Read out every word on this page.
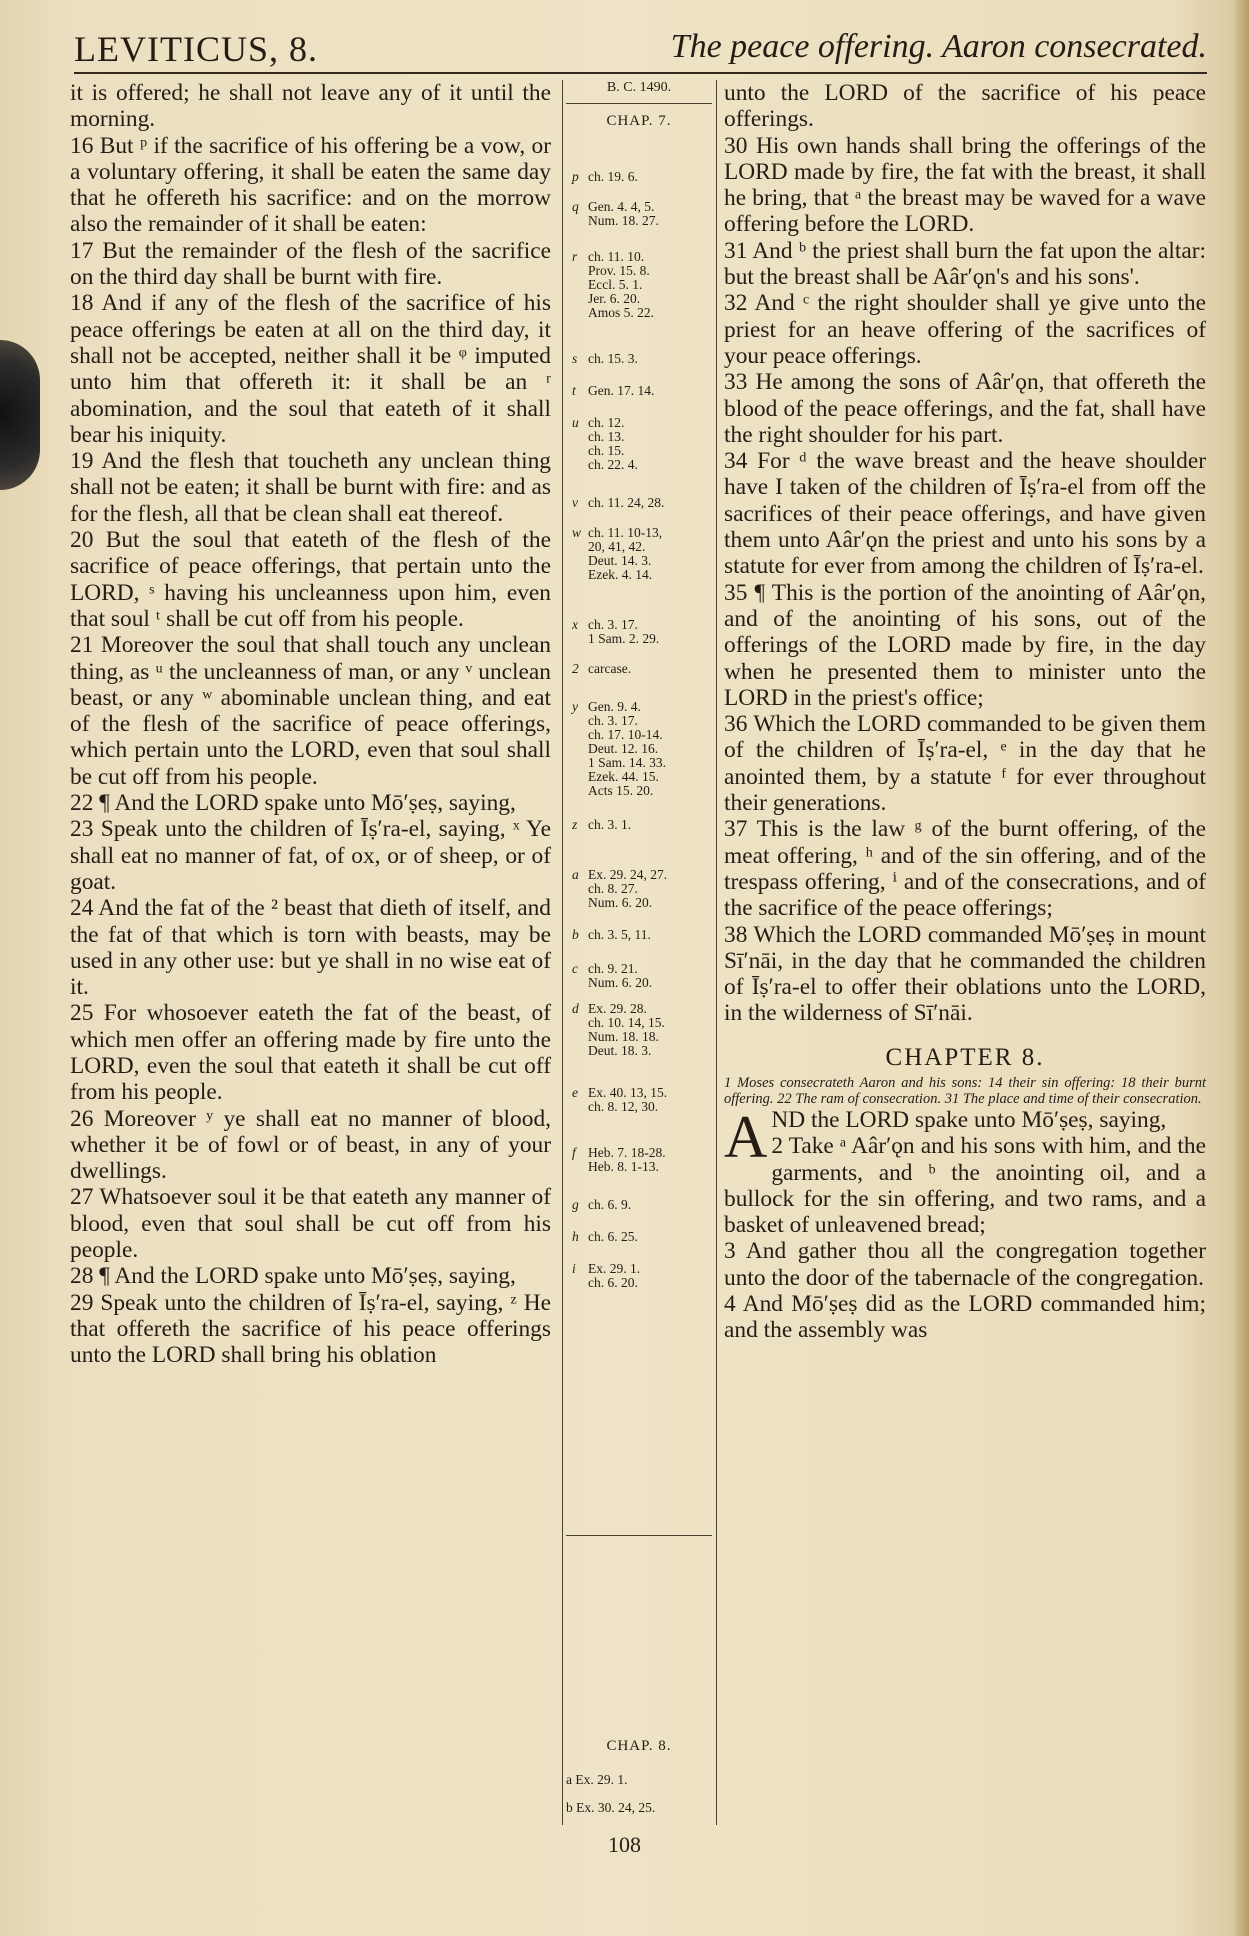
LEVITICUS, 8.	The peace offering. Aaron consecrated.

it is offered; he shall not leave any of it until the morning.

16 But ᵖ if the sacrifice of his offering be a vow, or a voluntary offering, it shall be eaten the same day that he offereth his sacrifice: and on the morrow also the remainder of it shall be eaten:

17 But the remainder of the flesh of the sacrifice on the third day shall be burnt with fire.

18 And if any of the flesh of the sacrifice of his peace offerings be eaten at all on the third day, it shall not be accepted, neither shall it be ᵠ imputed unto him that offereth it: it shall be an ʳ abomination, and the soul that eateth of it shall bear his iniquity.

19 And the flesh that toucheth any unclean thing shall not be eaten; it shall be burnt with fire: and as for the flesh, all that be clean shall eat thereof.

20 But the soul that eateth of the flesh of the sacrifice of peace offerings, that pertain unto the LORD, ˢ having his uncleanness upon him, even that soul ᵗ shall be cut off from his people.

21 Moreover the soul that shall touch any unclean thing, as ᵘ the uncleanness of man, or any ᵛ unclean beast, or any ʷ abominable unclean thing, and eat of the flesh of the sacrifice of peace offerings, which pertain unto the LORD, even that soul shall be cut off from his people.

22 ¶ And the LORD spake unto Mō′ṣeṣ, saying,

23 Speak unto the children of Īṣ′ra-el, saying, ˣ Ye shall eat no manner of fat, of ox, or of sheep, or of goat.

24 And the fat of the ² beast that dieth of itself, and the fat of that which is torn with beasts, may be used in any other use: but ye shall in no wise eat of it.

25 For whosoever eateth the fat of the beast, of which men offer an offering made by fire unto the LORD, even the soul that eateth it shall be cut off from his people.

26 Moreover ʸ ye shall eat no manner of blood, whether it be of fowl or of beast, in any of your dwellings.

27 Whatsoever soul it be that eateth any manner of blood, even that soul shall be cut off from his people.

28 ¶ And the LORD spake unto Mō′ṣeṣ, saying,

29 Speak unto the children of Īṣ′ra-el, saying, ᶻ He that offereth the sacrifice of his peace offerings unto the LORD shall bring his oblation

B. C. 1490.
CHAP. 7.
p ch. 19. 6.
q Gen. 4. 4, 5.
Num. 18. 27.
r ch. 11. 10.
Prov. 15. 8.
Eccl. 5. 1.
Jer. 6. 20.
Amos 5. 22.
s ch. 15. 3.
t Gen. 17. 14.
u ch. 12.
ch. 13.
ch. 15.
ch. 22. 4.
v ch. 11. 24, 28.
w ch. 11. 10-13,
20, 41, 42.
Deut. 14. 3.
Ezek. 4. 14.
x ch. 3. 17.
1 Sam. 2. 29.
2 carcase.
y Gen. 9. 4.
ch. 3. 17.
ch. 17. 10-14.
Deut. 12. 16.
1 Sam. 14. 33.
Ezek. 44. 15.
Acts 15. 20.
z ch. 3. 1.
a Ex. 29. 24, 27.
ch. 8. 27.
Num. 6. 20.
b ch. 3. 5, 11.
c ch. 9. 21.
Num. 6. 20.
d Ex. 29. 28.
ch. 10. 14, 15.
Num. 18. 18.
Deut. 18. 3.
e Ex. 40. 13, 15.
ch. 8. 12, 30.
f Heb. 7. 18-28.
Heb. 8. 1-13.
g ch. 6. 9.
h ch. 6. 25.
i Ex. 29. 1.
ch. 6. 20.
CHAP. 8.
a Ex. 29. 1.
b Ex. 30. 24, 25.

unto the LORD of the sacrifice of his peace offerings.

30 His own hands shall bring the offerings of the LORD made by fire, the fat with the breast, it shall he bring, that ᵃ the breast may be waved for a wave offering before the LORD.

31 And ᵇ the priest shall burn the fat upon the altar: but the breast shall be Aâr′ǫn's and his sons'.

32 And ᶜ the right shoulder shall ye give unto the priest for an heave offering of the sacrifices of your peace offerings.

33 He among the sons of Aâr′ǫn, that offereth the blood of the peace offerings, and the fat, shall have the right shoulder for his part.

34 For ᵈ the wave breast and the heave shoulder have I taken of the children of Īṣ′ra-el from off the sacrifices of their peace offerings, and have given them unto Aâr′ǫn the priest and unto his sons by a statute for ever from among the children of Īṣ′ra-el.

35 ¶ This is the portion of the anointing of Aâr′ǫn, and of the anointing of his sons, out of the offerings of the LORD made by fire, in the day when he presented them to minister unto the LORD in the priest's office;

36 Which the LORD commanded to be given them of the children of Īṣ′ra-el, ᵉ in the day that he anointed them, by a statute ᶠ for ever throughout their generations.

37 This is the law ᵍ of the burnt offering, of the meat offering, ʰ and of the sin offering, and of the trespass offering, ⁱ and of the consecrations, and of the sacrifice of the peace offerings;

38 Which the LORD commanded Mō′ṣeṣ in mount Sī′nāi, in the day that he commanded the children of Īṣ′ra-el to offer their oblations unto the LORD, in the wilderness of Sī′nāi.

CHAPTER 8.

1 Moses consecrateth Aaron and his sons: 14 their sin offering: 18 their burnt offering. 22 The ram of consecration. 31 The place and time of their consecration.

A ND the LORD spake unto Mō′ṣeṣ, saying,

2 Take ᵃ Aâr′ǫn and his sons with him, and the garments, and ᵇ the anointing oil, and a bullock for the sin offering, and two rams, and a basket of unleavened bread;

3 And gather thou all the congregation together unto the door of the tabernacle of the congregation.

4 And Mō′ṣeṣ did as the LORD commanded him; and the assembly was

108
